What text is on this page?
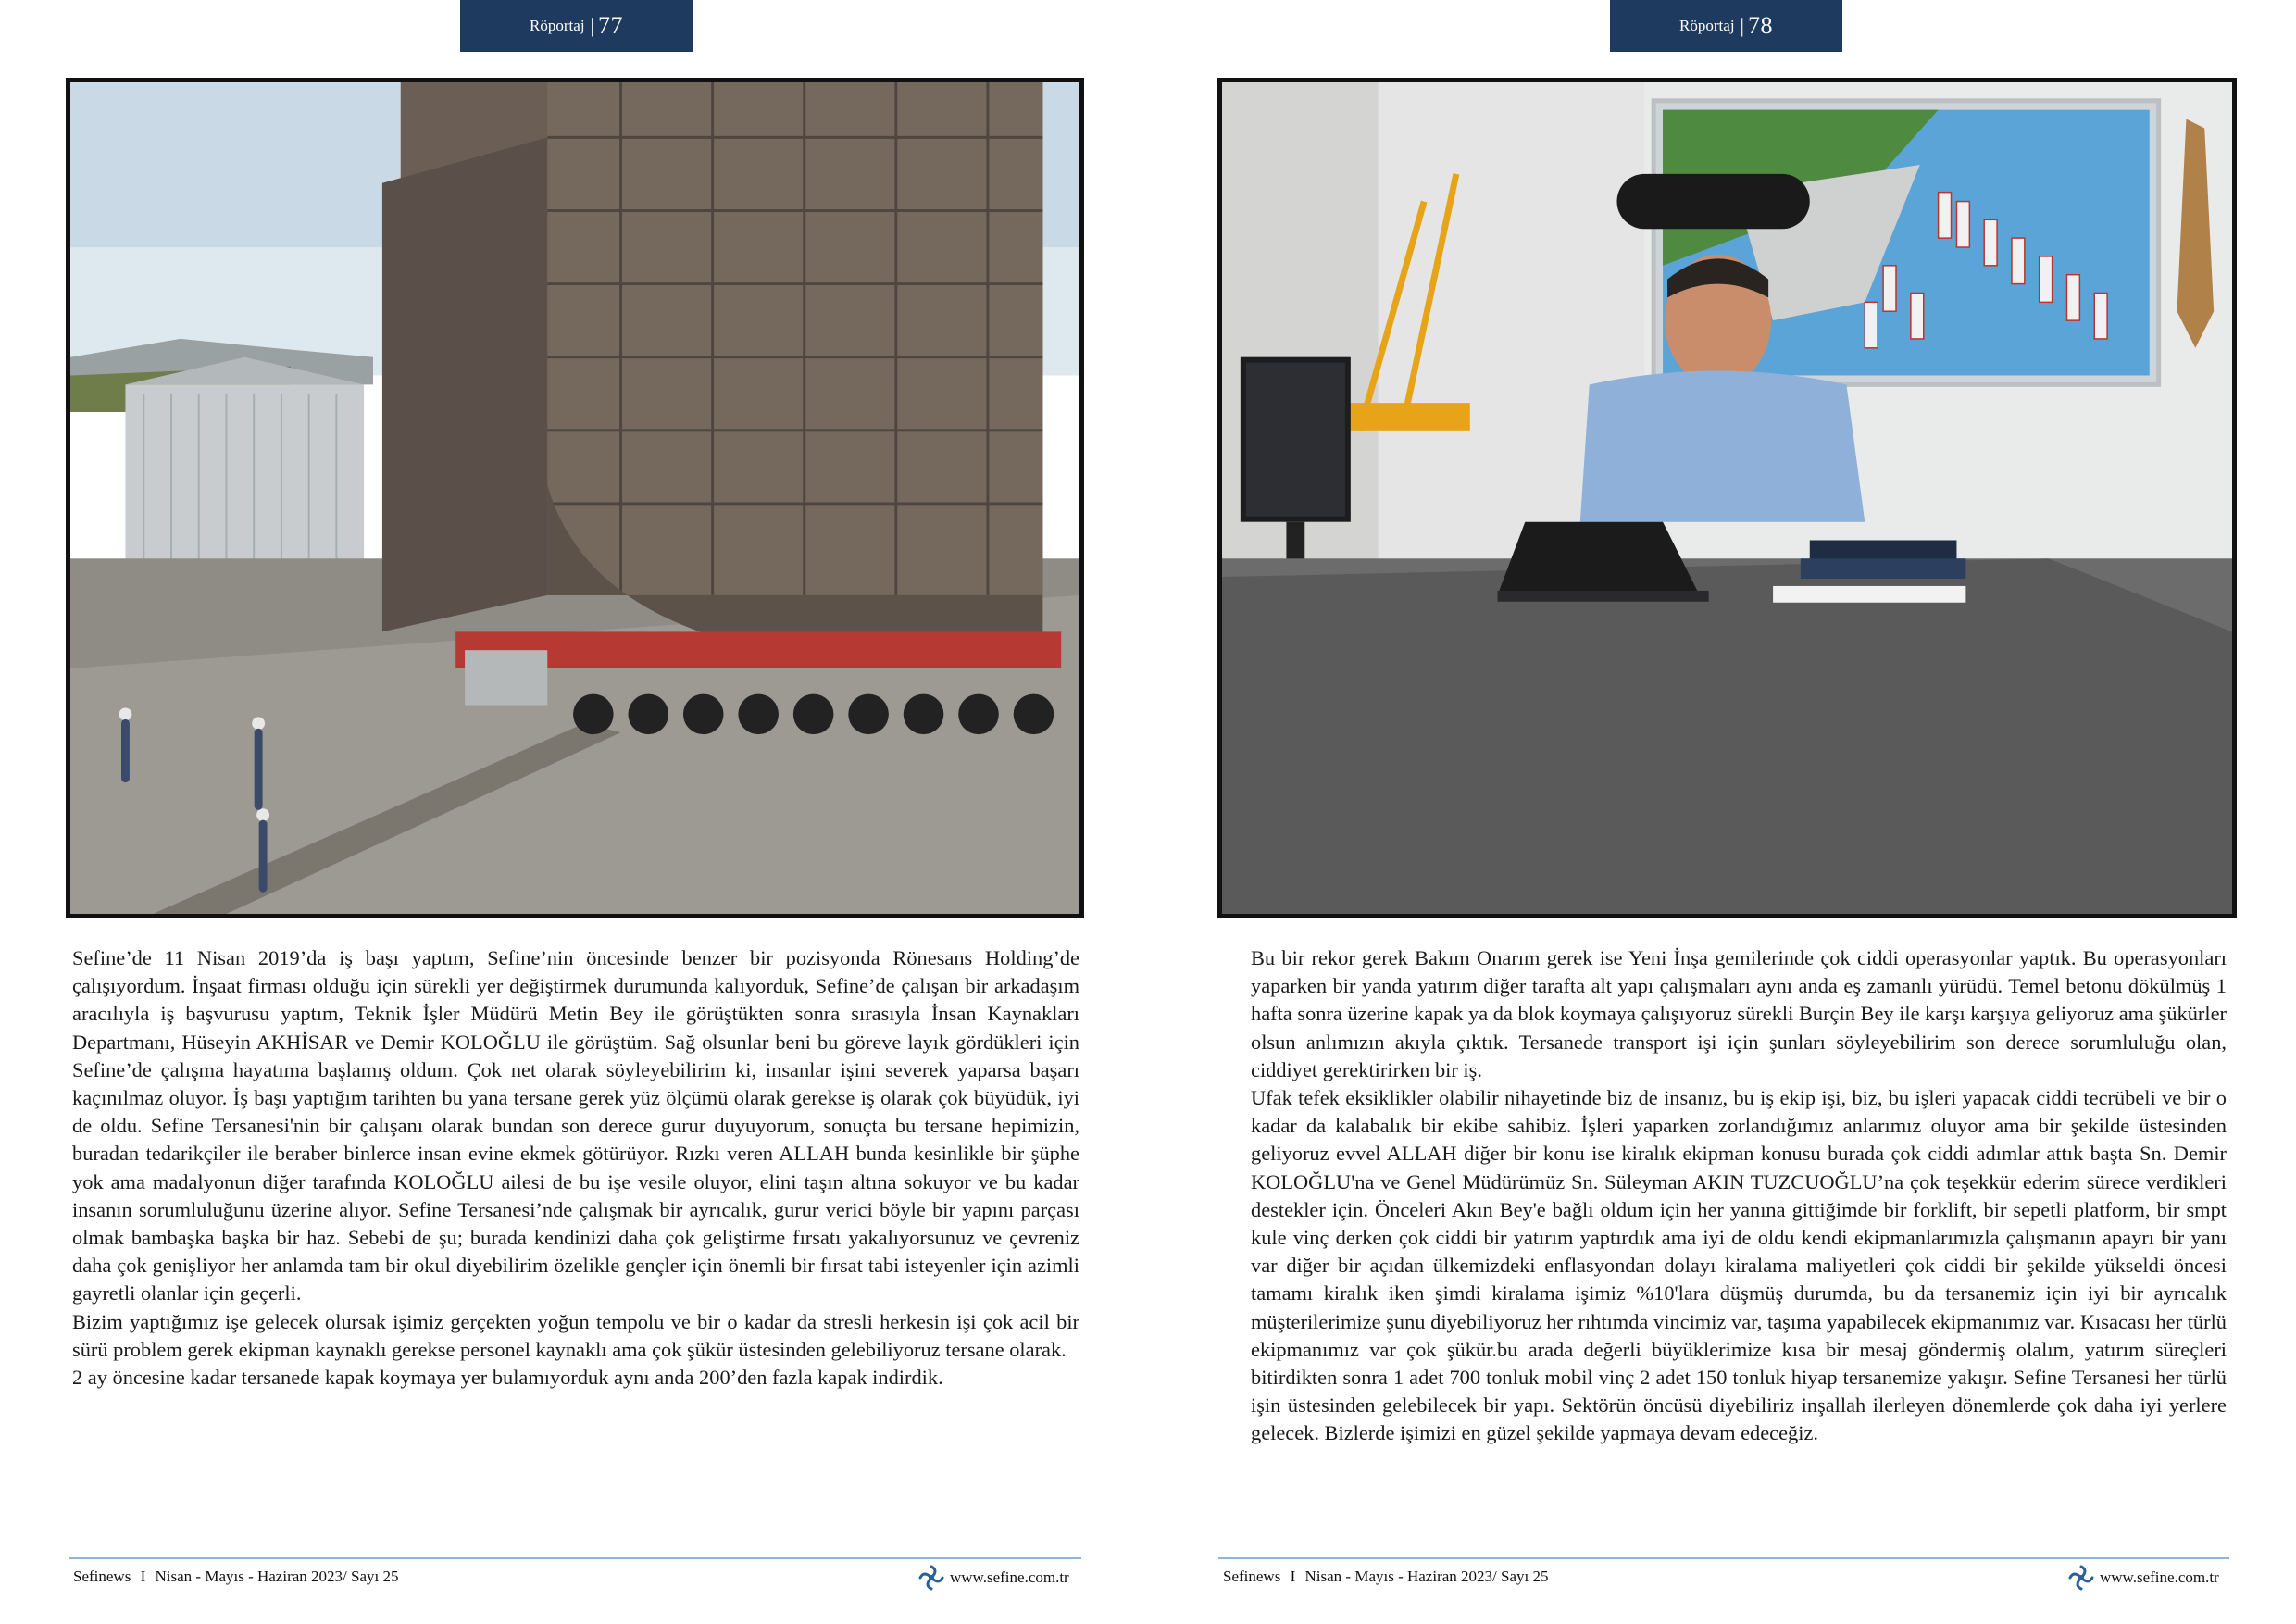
Röportaj | 77

Sefine’de 11 Nisan 2019’da iş başı yaptım, Sefine’nin öncesinde benzer bir pozisyonda Rönesans Holding’de çalışıyordum. İnşaat firması olduğu için sürekli yer değiştirmek durumunda kalıyorduk, Sefine’de çalışan bir arkadaşım aracılıyla iş başvurusu yaptım, Teknik İşler Müdürü Metin Bey ile görüştükten sonra sırasıyla İnsan Kaynakları Departmanı, Hüseyin AKHİSAR ve Demir KOLOĞLU ile görüştüm. Sağ olsunlar beni bu göreve layık gördükleri için Sefine’de çalışma hayatıma başlamış oldum. Çok net olarak söyleyebilirim ki, insanlar işini severek yaparsa başarı kaçınılmaz oluyor. İş başı yaptığım tarihten bu yana tersane gerek yüz ölçümü olarak gerekse iş olarak çok büyüdük, iyi de oldu. Sefine Tersanesi'nin bir çalışanı olarak bundan son derece gurur duyuyorum, sonuçta bu tersane hepimizin, buradan tedarikçiler ile beraber binlerce insan evine ekmek götürüyor. Rızkı veren ALLAH bunda kesinlikle bir şüphe yok ama madalyonun diğer tarafında KOLOĞLU ailesi de bu işe vesile oluyor, elini taşın altına sokuyor ve bu kadar insanın sorumluluğunu üzerine alıyor. Sefine Tersanesi’nde çalışmak bir ayrıcalık, gurur verici böyle bir yapını parçası olmak bambaşka başka bir haz. Sebebi de şu; burada kendinizi daha çok geliştirme fırsatı yakalıyorsunuz ve çevreniz daha çok genişliyor her anlamda tam bir okul diyebilirim özelikle gençler için önemli bir fırsat tabi isteyenler için azimli gayretli olanlar için geçerli.

Bizim yaptığımız işe gelecek olursak işimiz gerçekten yoğun tempolu ve bir o kadar da stresli herkesin işi çok acil bir sürü problem gerek ekipman kaynaklı gerekse personel kaynaklı ama çok şükür üstesinden gelebiliyoruz tersane olarak.

2 ay öncesine kadar tersanede kapak koymaya yer bulamıyorduk aynı anda 200’den fazla kapak indirdik.

Sefinews I Nisan - Mayıs - Haziran 2023/ Sayı 25	www.sefine.com.tr
Röportaj | 78

Bu bir rekor gerek Bakım Onarım gerek ise Yeni İnşa gemilerinde çok ciddi operasyonlar yaptık. Bu operasyonları yaparken bir yanda yatırım diğer tarafta alt yapı çalışmaları aynı anda eş zamanlı yürüdü. Temel betonu dökülmüş 1 hafta sonra üzerine kapak ya da blok koymaya çalışıyoruz sürekli Burçin Bey ile karşı karşıya geliyoruz ama şükürler olsun anlımızın akıyla çıktık. Tersanede transport işi için şunları söyleyebilirim son derece sorumluluğu olan, ciddiyet gerektirirken bir iş.

Ufak tefek eksiklikler olabilir nihayetinde biz de insanız, bu iş ekip işi, biz, bu işleri yapacak ciddi tecrübeli ve bir o kadar da kalabalık bir ekibe sahibiz. İşleri yaparken zorlandığımız anlarımız oluyor ama bir şekilde üstesinden geliyoruz evvel ALLAH diğer bir konu ise kiralık ekipman konusu burada çok ciddi adımlar attık başta Sn. Demir KOLOĞLU'na ve Genel Müdürümüz Sn. Süleyman AKIN TUZCUOĞLU’na çok teşekkür ederim sürece verdikleri destekler için. Önceleri Akın Bey'e bağlı oldum için her yanına gittiğimde bir forklift, bir sepetli platform, bir smpt kule vinç derken çok ciddi bir yatırım yaptırdık ama iyi de oldu kendi ekipmanlarımızla çalışmanın apayrı bir yanı var diğer bir açıdan ülkemizdeki enflasyondan dolayı kiralama maliyetleri çok ciddi bir şekilde yükseldi öncesi tamamı kiralık iken şimdi kiralama işimiz %10'lara düşmüş durumda, bu da tersanemiz için iyi bir ayrıcalık müşterilerimize şunu diyebiliyoruz her rıhtımda vincimiz var, taşıma yapabilecek ekipmanımız var. Kısacası her türlü ekipmanımız var çok şükür.bu arada değerli büyüklerimize kısa bir mesaj göndermiş olalım, yatırım süreçleri bitirdikten sonra 1 adet 700 tonluk mobil vinç 2 adet 150 tonluk hiyap tersanemize yakışır. Sefine Tersanesi her türlü işin üstesinden gelebilecek bir yapı. Sektörün öncüsü diyebiliriz inşallah ilerleyen dönemlerde çok daha iyi yerlere gelecek. Bizlerde işimizi en güzel şekilde yapmaya devam edeceğiz.

Sefinews I Nisan - Mayıs - Haziran 2023/ Sayı 25	www.sefine.com.tr
